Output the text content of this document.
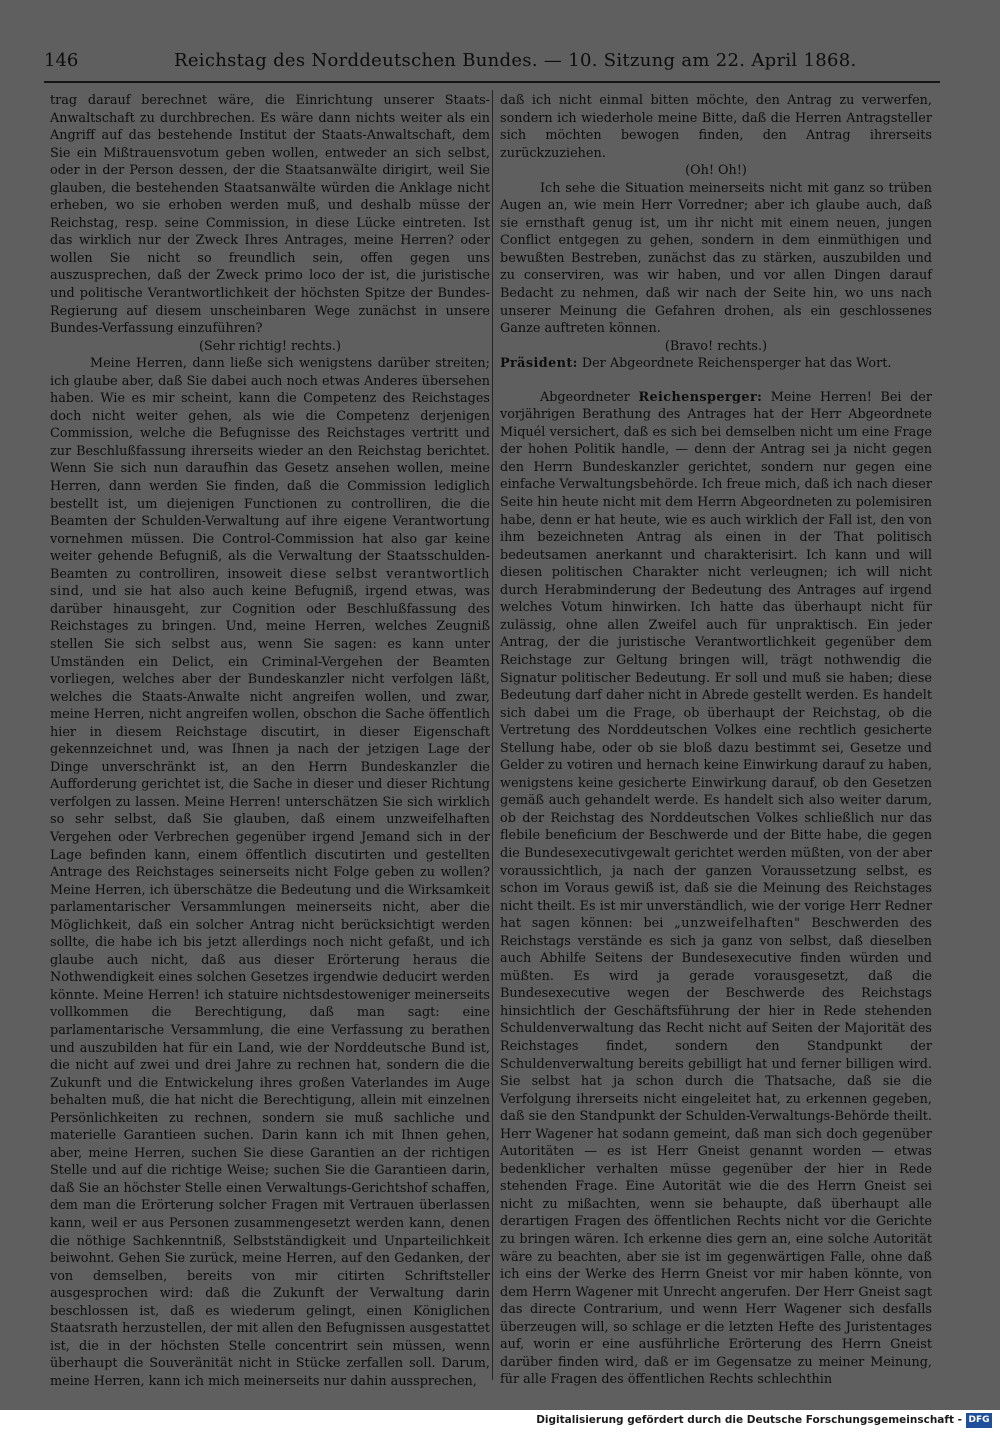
146	Reichstag des Norddeutschen Bundes. — 10. Sitzung am 22. April 1868.

trag darauf berechnet wäre, die Einrichtung unserer Staats-Anwaltschaft zu durchbrechen. Es wäre dann nichts weiter als ein Angriff auf das bestehende Institut der Staats-Anwaltschaft, dem Sie ein Mißtrauensvotum geben wollen, entweder an sich selbst, oder in der Person dessen, der die Staatsanwälte dirigirt, weil Sie glauben, die bestehenden Staatsanwälte würden die Anklage nicht erheben, wo sie erhoben werden muß, und deshalb müsse der Reichstag, resp. seine Commission, in diese Lücke eintreten. Ist das wirklich nur der Zweck Ihres Antrages, meine Herren? oder wollen Sie nicht so freundlich sein, offen gegen uns auszusprechen, daß der Zweck primo loco der ist, die juristische und politische Verantwortlichkeit der höchsten Spitze der Bundes-Regierung auf diesem unscheinbaren Wege zunächst in unsere Bundes-Verfassung einzuführen?

(Sehr richtig! rechts.)

Meine Herren, dann ließe sich wenigstens darüber streiten; ich glaube aber, daß Sie dabei auch noch etwas Anderes übersehen haben. Wie es mir scheint, kann die Competenz des Reichstages doch nicht weiter gehen, als wie die Competenz derjenigen Commission, welche die Befugnisse des Reichstages vertritt und zur Beschlußfassung ihrerseits wieder an den Reichstag berichtet. Wenn Sie sich nun daraufhin das Gesetz ansehen wollen, meine Herren, dann werden Sie finden, daß die Commission lediglich bestellt ist, um diejenigen Functionen zu controlliren, die die Beamten der Schulden-Verwaltung auf ihre eigene Verantwortung vornehmen müssen. Die Control-Commission hat also gar keine weiter gehende Befugniß, als die Verwaltung der Staatsschulden-Beamten zu controlliren, insoweit diese selbst verantwortlich sind, und sie hat also auch keine Befugniß, irgend etwas, was darüber hinausgeht, zur Cognition oder Beschlußfassung des Reichstages zu bringen. Und, meine Herren, welches Zeugniß stellen Sie sich selbst aus, wenn Sie sagen: es kann unter Umständen ein Delict, ein Criminal-Vergehen der Beamten vorliegen, welches aber der Bundeskanzler nicht verfolgen läßt, welches die Staats-Anwalte nicht angreifen wollen, und zwar, meine Herren, nicht angreifen wollen, obschon die Sache öffentlich hier in diesem Reichstage discutirt, in dieser Eigenschaft gekennzeichnet und, was Ihnen ja nach der jetzigen Lage der Dinge unverschränkt ist, an den Herrn Bundeskanzler die Aufforderung gerichtet ist, die Sache in dieser und dieser Richtung verfolgen zu lassen. Meine Herren! unterschätzen Sie sich wirklich so sehr selbst, daß Sie glauben, daß einem unzweifelhaften Vergehen oder Verbrechen gegenüber irgend Jemand sich in der Lage befinden kann, einem öffentlich discutirten und gestellten Antrage des Reichstages seinerseits nicht Folge geben zu wollen? Meine Herren, ich überschätze die Bedeutung und die Wirksamkeit parlamentarischer Versammlungen meinerseits nicht, aber die Möglichkeit, daß ein solcher Antrag nicht berücksichtigt werden sollte, die habe ich bis jetzt allerdings noch nicht gefaßt, und ich glaube auch nicht, daß aus dieser Erörterung heraus die Nothwendigkeit eines solchen Gesetzes irgendwie deducirt werden könnte. Meine Herren! ich statuire nichtsdestoweniger meinerseits vollkommen die Berechtigung, daß man sagt: eine parlamentarische Versammlung, die eine Verfassung zu berathen und auszubilden hat für ein Land, wie der Norddeutsche Bund ist, die nicht auf zwei und drei Jahre zu rechnen hat, sondern die die Zukunft und die Entwickelung ihres großen Vaterlandes im Auge behalten muß, die hat nicht die Berechtigung, allein mit einzelnen Persönlichkeiten zu rechnen, sondern sie muß sachliche und materielle Garantieen suchen. Darin kann ich mit Ihnen gehen, aber, meine Herren, suchen Sie diese Garantien an der richtigen Stelle und auf die richtige Weise; suchen Sie die Garantieen darin, daß Sie an höchster Stelle einen Verwaltungs-Gerichtshof schaffen, dem man die Erörterung solcher Fragen mit Vertrauen überlassen kann, weil er aus Personen zusammengesetzt werden kann, denen die nöthige Sachkenntniß, Selbstständigkeit und Unparteilichkeit beiwohnt. Gehen Sie zurück, meine Herren, auf den Gedanken, der von demselben, bereits von mir citirten Schriftsteller ausgesprochen wird: daß die Zukunft der Verwaltung darin beschlossen ist, daß es wiederum gelingt, einen Königlichen Staatsrath herzustellen, der mit allen den Befugnissen ausgestattet ist, die in der höchsten Stelle concentrirt sein müssen, wenn überhaupt die Souveränität nicht in Stücke zerfallen soll. Darum, meine Herren, kann ich mich meinerseits nur dahin aussprechen,

daß ich nicht einmal bitten möchte, den Antrag zu verwerfen, sondern ich wiederhole meine Bitte, daß die Herren Antragsteller sich möchten bewogen finden, den Antrag ihrerseits zurückzuziehen.

(Oh! Oh!)

Ich sehe die Situation meinerseits nicht mit ganz so trüben Augen an, wie mein Herr Vorredner; aber ich glaube auch, daß sie ernsthaft genug ist, um ihr nicht mit einem neuen, jungen Conflict entgegen zu gehen, sondern in dem einmüthigen und bewußten Bestreben, zunächst das zu stärken, auszubilden und zu conserviren, was wir haben, und vor allen Dingen darauf Bedacht zu nehmen, daß wir nach der Seite hin, wo uns nach unserer Meinung die Gefahren drohen, als ein geschlossenes Ganze auftreten können.

(Bravo! rechts.)

Präsident: Der Abgeordnete Reichensperger hat das Wort.

Abgeordneter Reichensperger: Meine Herren! Bei der vorjährigen Berathung des Antrages hat der Herr Abgeordnete Miquél versichert, daß es sich bei demselben nicht um eine Frage der hohen Politik handle, — denn der Antrag sei ja nicht gegen den Herrn Bundeskanzler gerichtet, sondern nur gegen eine einfache Verwaltungsbehörde. Ich freue mich, daß ich nach dieser Seite hin heute nicht mit dem Herrn Abgeordneten zu polemisiren habe, denn er hat heute, wie es auch wirklich der Fall ist, den von ihm bezeichneten Antrag als einen in der That politisch bedeutsamen anerkannt und charakterisirt. Ich kann und will diesen politischen Charakter nicht verleugnen; ich will nicht durch Herabminderung der Bedeutung des Antrages auf irgend welches Votum hinwirken. Ich hatte das überhaupt nicht für zulässig, ohne allen Zweifel auch für unpraktisch. Ein jeder Antrag, der die juristische Verantwortlichkeit gegenüber dem Reichstage zur Geltung bringen will, trägt nothwendig die Signatur politischer Bedeutung. Er soll und muß sie haben; diese Bedeutung darf daher nicht in Abrede gestellt werden. Es handelt sich dabei um die Frage, ob überhaupt der Reichstag, ob die Vertretung des Norddeutschen Volkes eine rechtlich gesicherte Stellung habe, oder ob sie bloß dazu bestimmt sei, Gesetze und Gelder zu votiren und hernach keine Einwirkung darauf zu haben, wenigstens keine gesicherte Einwirkung darauf, ob den Gesetzen gemäß auch gehandelt werde. Es handelt sich also weiter darum, ob der Reichstag des Norddeutschen Volkes schließlich nur das flebile beneficium der Beschwerde und der Bitte habe, die gegen die Bundesexecutivgewalt gerichtet werden müßten, von der aber voraussichtlich, ja nach der ganzen Voraussetzung selbst, es schon im Voraus gewiß ist, daß sie die Meinung des Reichstages nicht theilt. Es ist mir unverständlich, wie der vorige Herr Redner hat sagen können: bei „unzweifelhaften" Beschwerden des Reichstags verstände es sich ja ganz von selbst, daß dieselben auch Abhilfe Seitens der Bundesexecutive finden würden und müßten. Es wird ja gerade vorausgesetzt, daß die Bundesexecutive wegen der Beschwerde des Reichstags hinsichtlich der Geschäftsführung der hier in Rede stehenden Schuldenverwaltung das Recht nicht auf Seiten der Majorität des Reichstages findet, sondern den Standpunkt der Schuldenverwaltung bereits gebilligt hat und ferner billigen wird. Sie selbst hat ja schon durch die Thatsache, daß sie die Verfolgung ihrerseits nicht eingeleitet hat, zu erkennen gegeben, daß sie den Standpunkt der Schulden-Verwaltungs-Behörde theilt. Herr Wagener hat sodann gemeint, daß man sich doch gegenüber Autoritäten — es ist Herr Gneist genannt worden — etwas bedenklicher verhalten müsse gegenüber der hier in Rede stehenden Frage. Eine Autorität wie die des Herrn Gneist sei nicht zu mißachten, wenn sie behaupte, daß überhaupt alle derartigen Fragen des öffentlichen Rechts nicht vor die Gerichte zu bringen wären. Ich erkenne dies gern an, eine solche Autorität wäre zu beachten, aber sie ist im gegenwärtigen Falle, ohne daß ich eins der Werke des Herrn Gneist vor mir haben könnte, von dem Herrn Wagener mit Unrecht angerufen. Der Herr Gneist sagt das directe Contrarium, und wenn Herr Wagener sich desfalls überzeugen will, so schlage er die letzten Hefte des Juristentages auf, worin er eine ausführliche Erörterung des Herrn Gneist darüber finden wird, daß er im Gegensatze zu meiner Meinung, für alle Fragen des öffentlichen Rechts schlechthin

Digitalisierung gefördert durch die Deutsche Forschungsgemeinschaft - DFG
